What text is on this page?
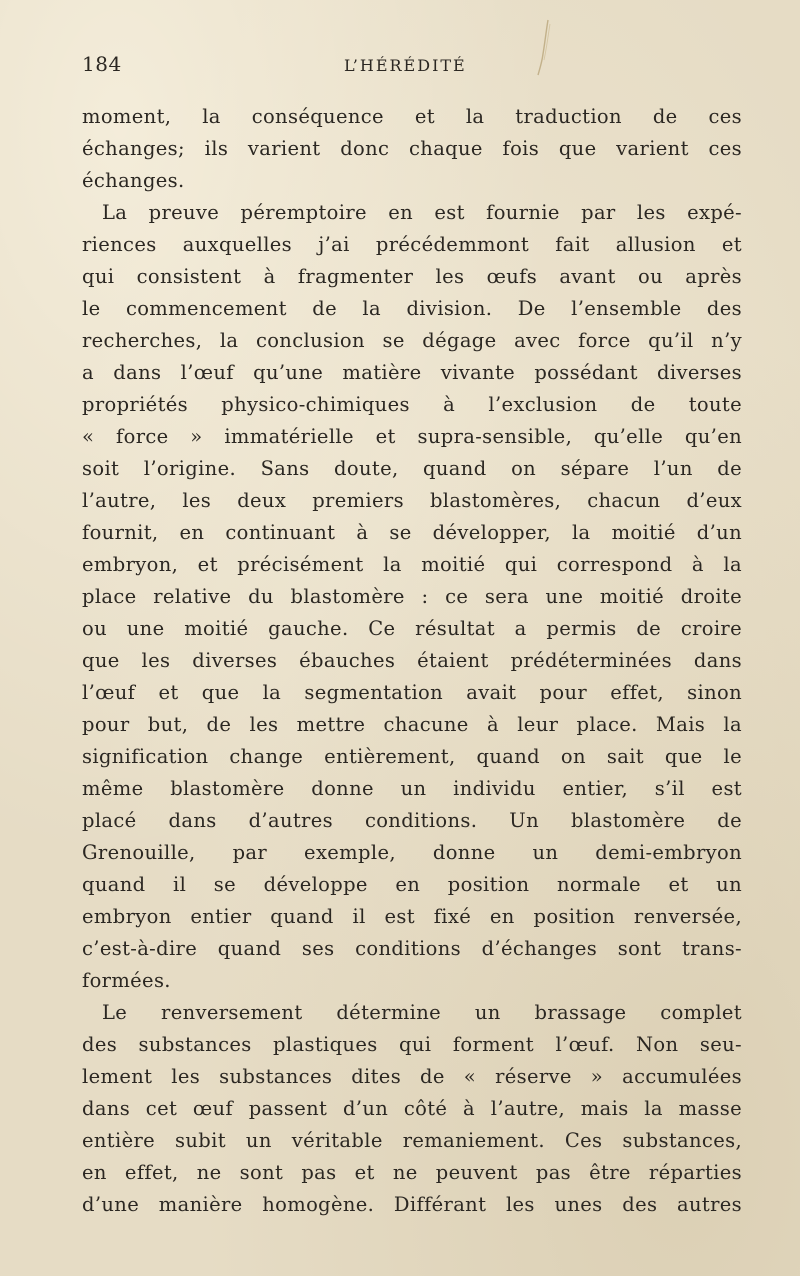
184	L’HÉRÉDITÉ
moment, la conséquence et la traduction de ces
échanges; ils varient donc chaque fois que varient ces
échanges.
La preuve péremptoire en est fournie par les expé-
riences auxquelles j’ai précédemmont fait allusion et
qui consistent à fragmenter les œufs avant ou après
le commencement de la division. De l’ensemble des
recherches, la conclusion se dégage avec force qu’il n’y
a dans l’œuf qu’une matière vivante possédant diverses
propriétés physico-chimiques à l’exclusion de toute
« force » immatérielle et supra-sensible, qu’elle qu’en
soit l’origine. Sans doute, quand on sépare l’un de
l’autre, les deux premiers blastomères, chacun d’eux
fournit, en continuant à se développer, la moitié d’un
embryon, et précisément la moitié qui correspond à la
place relative du blastomère : ce sera une moitié droite
ou une moitié gauche. Ce résultat a permis de croire
que les diverses ébauches étaient prédéterminées dans
l’œuf et que la segmentation avait pour effet, sinon
pour but, de les mettre chacune à leur place. Mais la
signification change entièrement, quand on sait que le
même blastomère donne un individu entier, s’il est
placé dans d’autres conditions. Un blastomère de
Grenouille, par exemple, donne un demi-embryon
quand il se développe en position normale et un
embryon entier quand il est fixé en position renversée,
c’est-à-dire quand ses conditions d’échanges sont trans-
formées.
Le renversement détermine un brassage complet
des substances plastiques qui forment l’œuf. Non seu-
lement les substances dites de « réserve » accumulées
dans cet œuf passent d’un côté à l’autre, mais la masse
entière subit un véritable remaniement. Ces substances,
en effet, ne sont pas et ne peuvent pas être réparties
d’une manière homogène. Différant les unes des autres
